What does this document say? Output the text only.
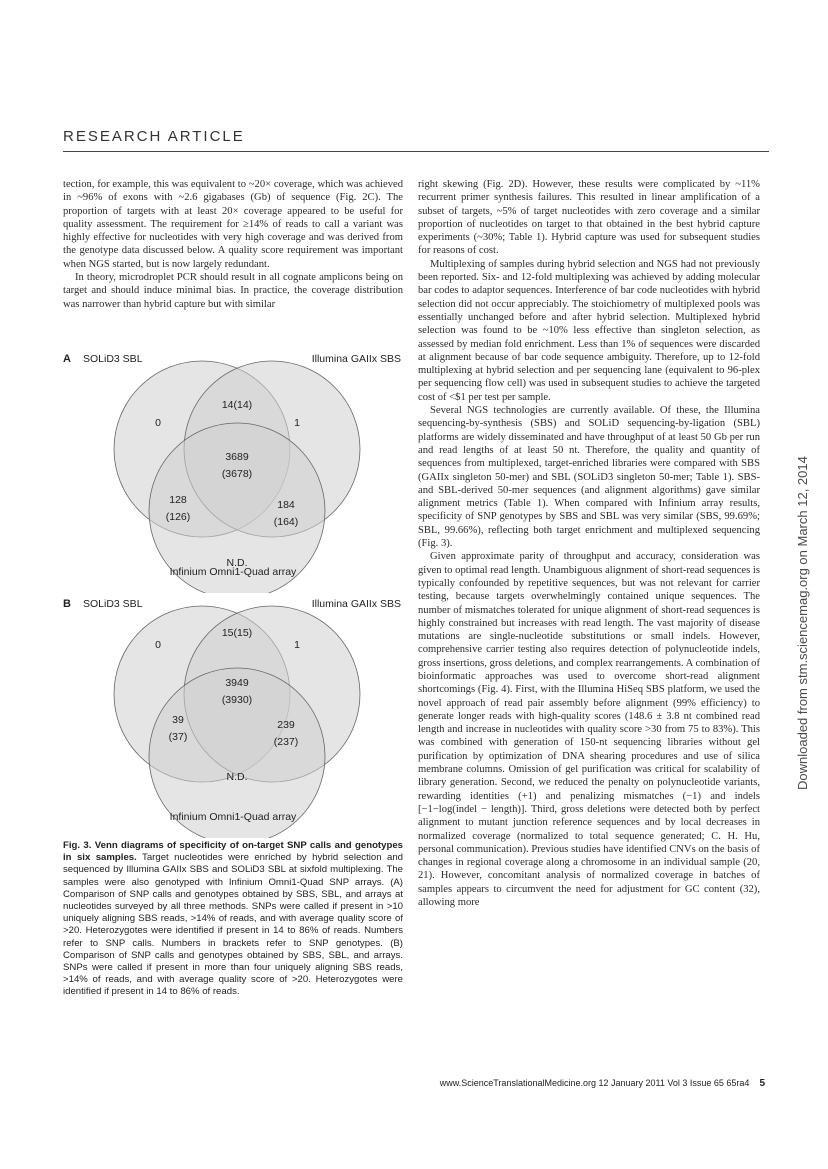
RESEARCH ARTICLE

tection, for example, this was equivalent to ~20× coverage, which was achieved in ~96% of exons with ~2.6 gigabases (Gb) of sequence (Fig. 2C). The proportion of targets with at least 20× coverage appeared to be useful for quality assessment. The requirement for ≥14% of reads to call a variant was highly effective for nucleotides with very high coverage and was derived from the genotype data discussed below. A quality score requirement was important when NGS started, but is now largely redundant.

In theory, microdroplet PCR should result in all cognate amplicons being on target and should induce minimal bias. In practice, the coverage distribution was narrower than hybrid capture but with similar

0
14(14)
1
3689
(3678)
128
(126)
184
(164)
N.D.
A SOLiD3 SBL	Illumina GAIIx SBS
Infinium Omni1-Quad array
0
15(15)
1
3949
(3930)
39
(37)
239
(237)
N.D.
B SOLiD3 SBL	Illumina GAIIx SBS
Infinium Omni1-Quad array
Fig. 3. Venn diagrams of specificity of on-target SNP calls and genotypes in six samples. Target nucleotides were enriched by hybrid selection and sequenced by Illumina GAIIx SBS and SOLiD3 SBL at sixfold multiplexing. The samples were also genotyped with Infinium Omni1-Quad SNP arrays. (A) Comparison of SNP calls and genotypes obtained by SBS, SBL, and arrays at nucleotides surveyed by all three methods. SNPs were called if present in >10 uniquely aligning SBS reads, >14% of reads, and with average quality score of >20. Heterozygotes were identified if present in 14 to 86% of reads. Numbers refer to SNP calls. Numbers in brackets refer to SNP genotypes. (B) Comparison of SNP calls and genotypes obtained by SBS, SBL, and arrays. SNPs were called if present in more than four uniquely aligning SBS reads, >14% of reads, and with average quality score of >20. Heterozygotes were identified if present in 14 to 86% of reads.

right skewing (Fig. 2D). However, these results were complicated by ~11% recurrent primer synthesis failures. This resulted in linear amplification of a subset of targets, ~5% of target nucleotides with zero coverage and a similar proportion of nucleotides on target to that obtained in the best hybrid capture experiments (~30%; Table 1). Hybrid capture was used for subsequent studies for reasons of cost.

Multiplexing of samples during hybrid selection and NGS had not previously been reported. Six- and 12-fold multiplexing was achieved by adding molecular bar codes to adaptor sequences. Interference of bar code nucleotides with hybrid selection did not occur appreciably. The stoichiometry of multiplexed pools was essentially unchanged before and after hybrid selection. Multiplexed hybrid selection was found to be ~10% less effective than singleton selection, as assessed by median fold enrichment. Less than 1% of sequences were discarded at alignment because of bar code sequence ambiguity. Therefore, up to 12-fold multiplexing at hybrid selection and per sequencing lane (equivalent to 96-plex per sequencing flow cell) was used in subsequent studies to achieve the targeted cost of <$1 per test per sample.

Several NGS technologies are currently available. Of these, the Illumina sequencing-by-synthesis (SBS) and SOLiD sequencing-by-ligation (SBL) platforms are widely disseminated and have throughput of at least 50 Gb per run and read lengths of at least 50 nt. Therefore, the quality and quantity of sequences from multiplexed, target-enriched libraries were compared with SBS (GAIIx singleton 50-mer) and SBL (SOLiD3 singleton 50-mer; Table 1). SBS- and SBL-derived 50-mer sequences (and alignment algorithms) gave similar alignment metrics (Table 1). When compared with Infinium array results, specificity of SNP genotypes by SBS and SBL was very similar (SBS, 99.69%; SBL, 99.66%), reflecting both target enrichment and multiplexed sequencing (Fig. 3).

Given approximate parity of throughput and accuracy, consideration was given to optimal read length. Unambiguous alignment of short-read sequences is typically confounded by repetitive sequences, but was not relevant for carrier testing, because targets overwhelmingly contained unique sequences. The number of mismatches tolerated for unique alignment of short-read sequences is highly constrained but increases with read length. The vast majority of disease mutations are single-nucleotide substitutions or small indels. However, comprehensive carrier testing also requires detection of polynucleotide indels, gross insertions, gross deletions, and complex rearrangements. A combination of bioinformatic approaches was used to overcome short-read alignment shortcomings (Fig. 4). First, with the Illumina HiSeq SBS platform, we used the novel approach of read pair assembly before alignment (99% efficiency) to generate longer reads with high-quality scores (148.6 ± 3.8 nt combined read length and increase in nucleotides with quality score >30 from 75 to 83%). This was combined with generation of 150-nt sequencing libraries without gel purification by optimization of DNA shearing procedures and use of silica membrane columns. Omission of gel purification was critical for scalability of library generation. Second, we reduced the penalty on polynucleotide variants, rewarding identities (+1) and penalizing mismatches (−1) and indels [−1−log(indel − length)]. Third, gross deletions were detected both by perfect alignment to mutant junction reference sequences and by local decreases in normalized coverage (normalized to total sequence generated; C. H. Hu, personal communication). Previous studies have identified CNVs on the basis of changes in regional coverage along a chromosome in an individual sample (20, 21). However, concomitant analysis of normalized coverage in batches of samples appears to circumvent the need for adjustment for GC content (32), allowing more

Downloaded from stm.sciencemag.org on March 12, 2014
www.ScienceTranslationalMedicine.org 12 January 2011 Vol 3 Issue 65 65ra4 5
